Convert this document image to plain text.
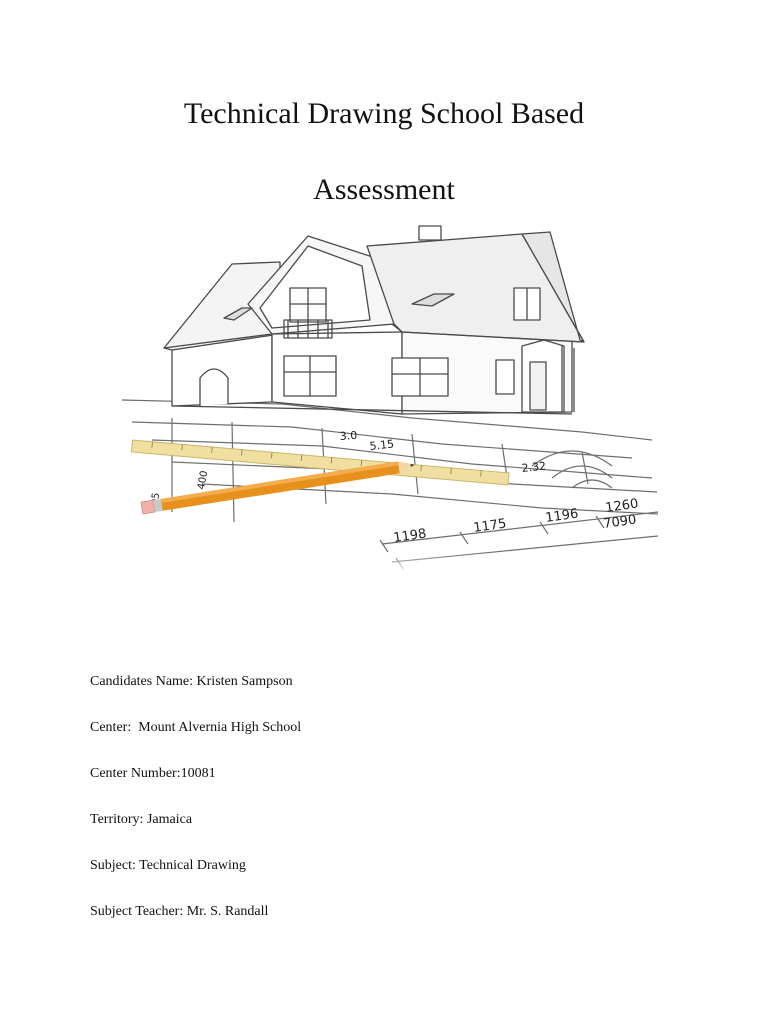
Technical Drawing School Based
Assessment
1198
1175
1196
1260
7090
5.15
2.32
3.0
400
Candidates Name: Kristen Sampson
Center:  Mount Alvernia High School
Center Number:10081
Territory: Jamaica
Subject: Technical Drawing
Subject Teacher: Mr. S. Randall
